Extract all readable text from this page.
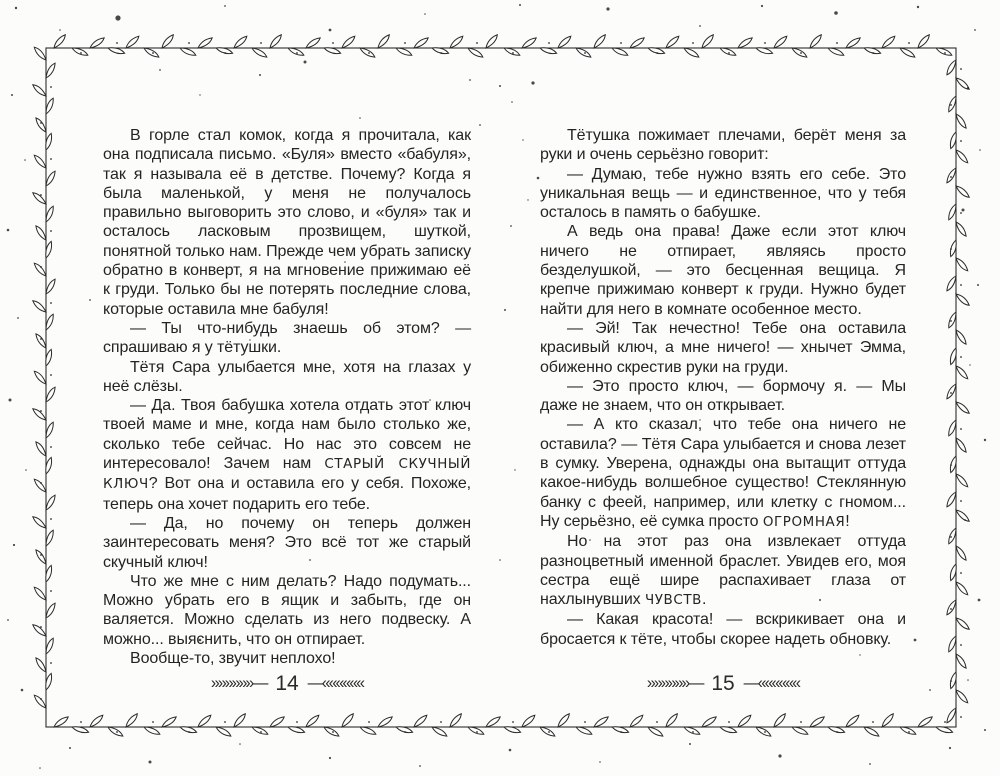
В горле стал комок, когда я прочитала, как она подписала письмо. «Буля» вместо «бабуля», так я называла её в детстве. Почему? Когда я была маленькой, у меня не получалось правильно выговорить это слово, и «буля» так и осталось ласковым прозвищем, шуткой, понятной только нам. Прежде чем убрать записку обратно в конверт, я на мгновение прижимаю её к груди. Только бы не потерять последние слова, которые оставила мне бабуля!

— Ты что-нибудь знаешь об этом? — спрашиваю я у тётушки.

Тётя Сара улыбается мне, хотя на глазах у неё слёзы.

— Да. Твоя бабушка хотела отдать этот ключ твоей маме и мне, когда нам было столько же, сколько тебе сейчас. Но нас это совсем не интересовало! Зачем нам СТАРЫЙ СКУЧНЫЙ КЛЮЧ? Вот она и оставила его у себя. Похоже, теперь она хочет подарить его тебе.

— Да, но почему он теперь должен заинтересовать меня? Это всё тот же старый скучный ключ!

Что же мне с ним делать? Надо подумать... Можно убрать его в ящик и забыть, где он валяется. Можно сделать из него подвеску. А можно... выяснить, что он отпирает.

Вообще-то, звучит неплохо!

Тётушка пожимает плечами, берёт меня за руки и очень серьёзно говорит:

— Думаю, тебе нужно взять его себе. Это уникальная вещь — и единственное, что у тебя осталось в память о бабушке.

А ведь она права! Даже если этот ключ ничего не отпирает, являясь просто безделушкой, — это бесценная вещица. Я крепче прижимаю конверт к груди. Нужно будет найти для него в комнате особенное место.

— Эй! Так нечестно! Тебе она оставила красивый ключ, а мне ничего! — хнычет Эмма, обиженно скрестив руки на груди.

— Это просто ключ, — бормочу я. — Мы даже не знаем, что он открывает.

— А кто сказал, что тебе она ничего не оставила? — Тётя Сара улыбается и снова лезет в сумку. Уверена, однажды она вытащит оттуда какое-нибудь волшебное существо! Стеклянную банку с феей, например, или клетку с гномом... Ну серьёзно, её сумка просто ОГРОМНАЯ!

Но на этот раз она извлекает оттуда разноцветный именной браслет. Увидев его, моя сестра ещё шире распахивает глаза от нахлынувших ЧУВСТВ.

— Какая красота! — вскрикивает она и бросается к тёте, чтобы скорее надеть обновку.

»»»»»»— 14 —««««««	»»»»»»— 15 —««««««
